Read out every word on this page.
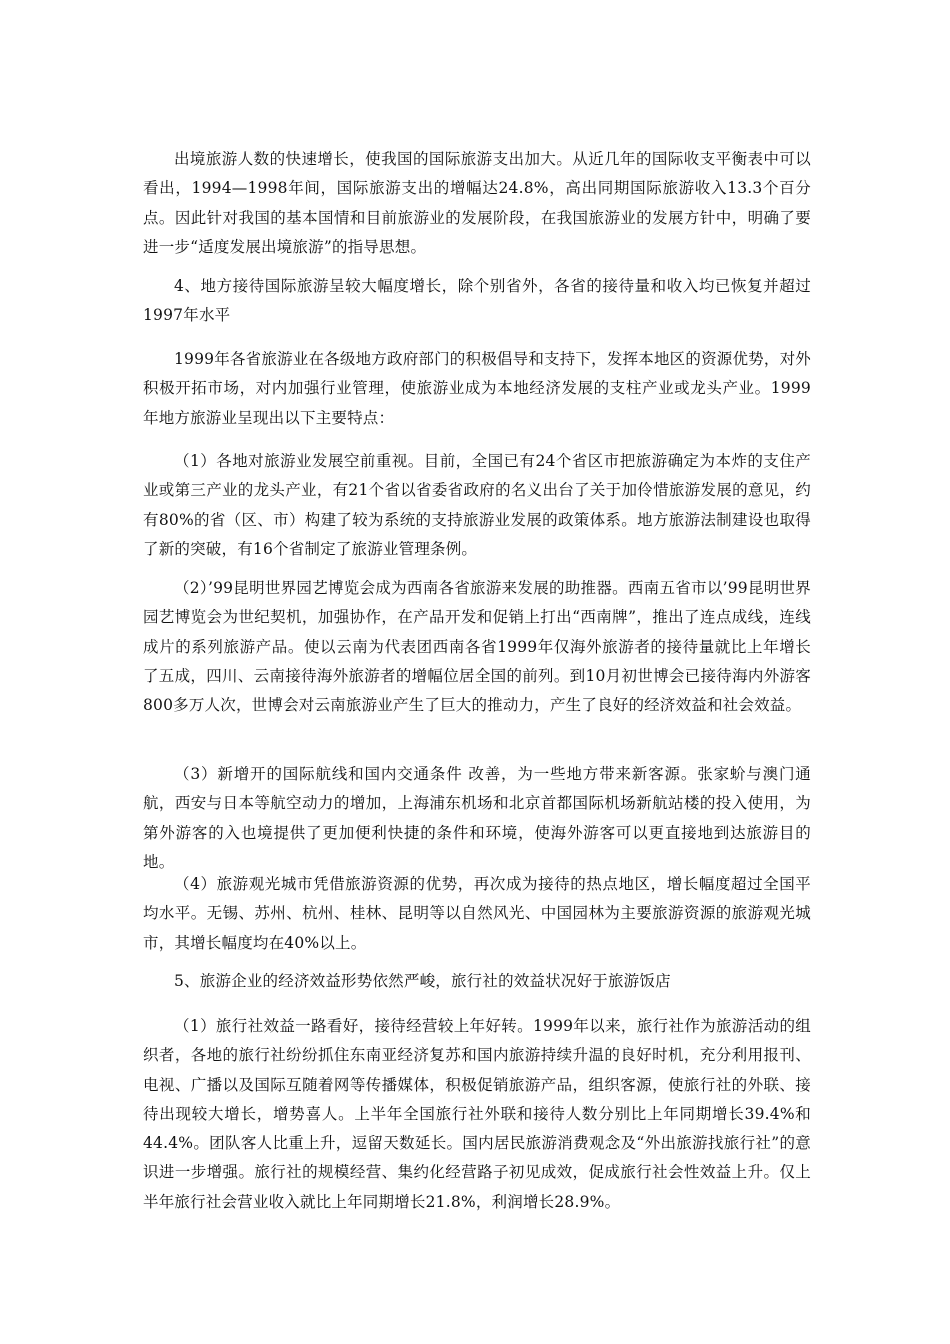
出境旅游人数的快速增长，使我国的国际旅游支出加大。从近几年的国际收支平衡表中可以看出，1994—1998年间，国际旅游支出的增幅达24.8%，高出同期国际旅游收入13.3个百分点。因此针对我国的基本国情和目前旅游业的发展阶段，在我国旅游业的发展方针中，明确了要进一步“适度发展出境旅游”的指导思想。

4、地方接待国际旅游呈较大幅度增长，除个别省外，各省的接待量和收入均已恢复并超过1997年水平

1999年各省旅游业在各级地方政府部门的积极倡导和支持下，发挥本地区的资源优势，对外积极开拓市场，对内加强行业管理，使旅游业成为本地经济发展的支柱产业或龙头产业。1999年地方旅游业呈现出以下主要特点：

（1）各地对旅游业发展空前重视。目前，全国已有24个省区市把旅游确定为本炸的支住产业或第三产业的龙头产业，有21个省以省委省政府的名义出台了关于加伶惜旅游发展的意见，约有80%的省（区、市）构建了较为系统的支持旅游业发展的政策体系。地方旅游法制建设也取得了新的突破，有16个省制定了旅游业管理条例。

（2）’99昆明世界园艺博览会成为西南各省旅游来发展的助推器。西南五省市以’99昆明世界园艺博览会为世纪契机，加强协作，在产品开发和促销上打出“西南牌”，推出了连点成线，连线成片的系列旅游产品。使以云南为代表团西南各省1999年仅海外旅游者的接待量就比上年增长了五成，四川、云南接待海外旅游者的增幅位居全国的前列。到10月初世博会已接待海内外游客800多万人次，世博会对云南旅游业产生了巨大的推动力，产生了良好的经济效益和社会效益。

（3）新增开的国际航线和国内交通条件 改善，为一些地方带来新客源。张家蚧与澳门通航，西安与日本等航空动力的增加，上海浦东机场和北京首都国际机场新航站楼的投入使用，为第外游客的入也境提供了更加便利快捷的条件和环境，使海外游客可以更直接地到达旅游目的地。

（4）旅游观光城市凭借旅游资源的优势，再次成为接待的热点地区，增长幅度超过全国平均水平。无锡、苏州、杭州、桂林、昆明等以自然风光、中国园林为主要旅游资源的旅游观光城市，其增长幅度均在40%以上。

5、旅游企业的经济效益形势依然严峻，旅行社的效益状况好于旅游饭店

（1）旅行社效益一路看好，接待经营较上年好转。1999年以来，旅行社作为旅游活动的组织者，各地的旅行社纷纷抓住东南亚经济复苏和国内旅游持续升温的良好时机，充分利用报刊、电视、广播以及国际互随着网等传播媒体，积极促销旅游产品，组织客源，使旅行社的外联、接待出现较大增长，增势喜人。上半年全国旅行社外联和接待人数分别比上年同期增长39.4%和44.4%。团队客人比重上升，逗留天数延长。国内居民旅游消费观念及“外出旅游找旅行社”的意识进一步增强。旅行社的规模经营、集约化经营路子初见成效，促成旅行社会性效益上升。仅上半年旅行社会营业收入就比上年同期增长21.8%，利润增长28.9%。
